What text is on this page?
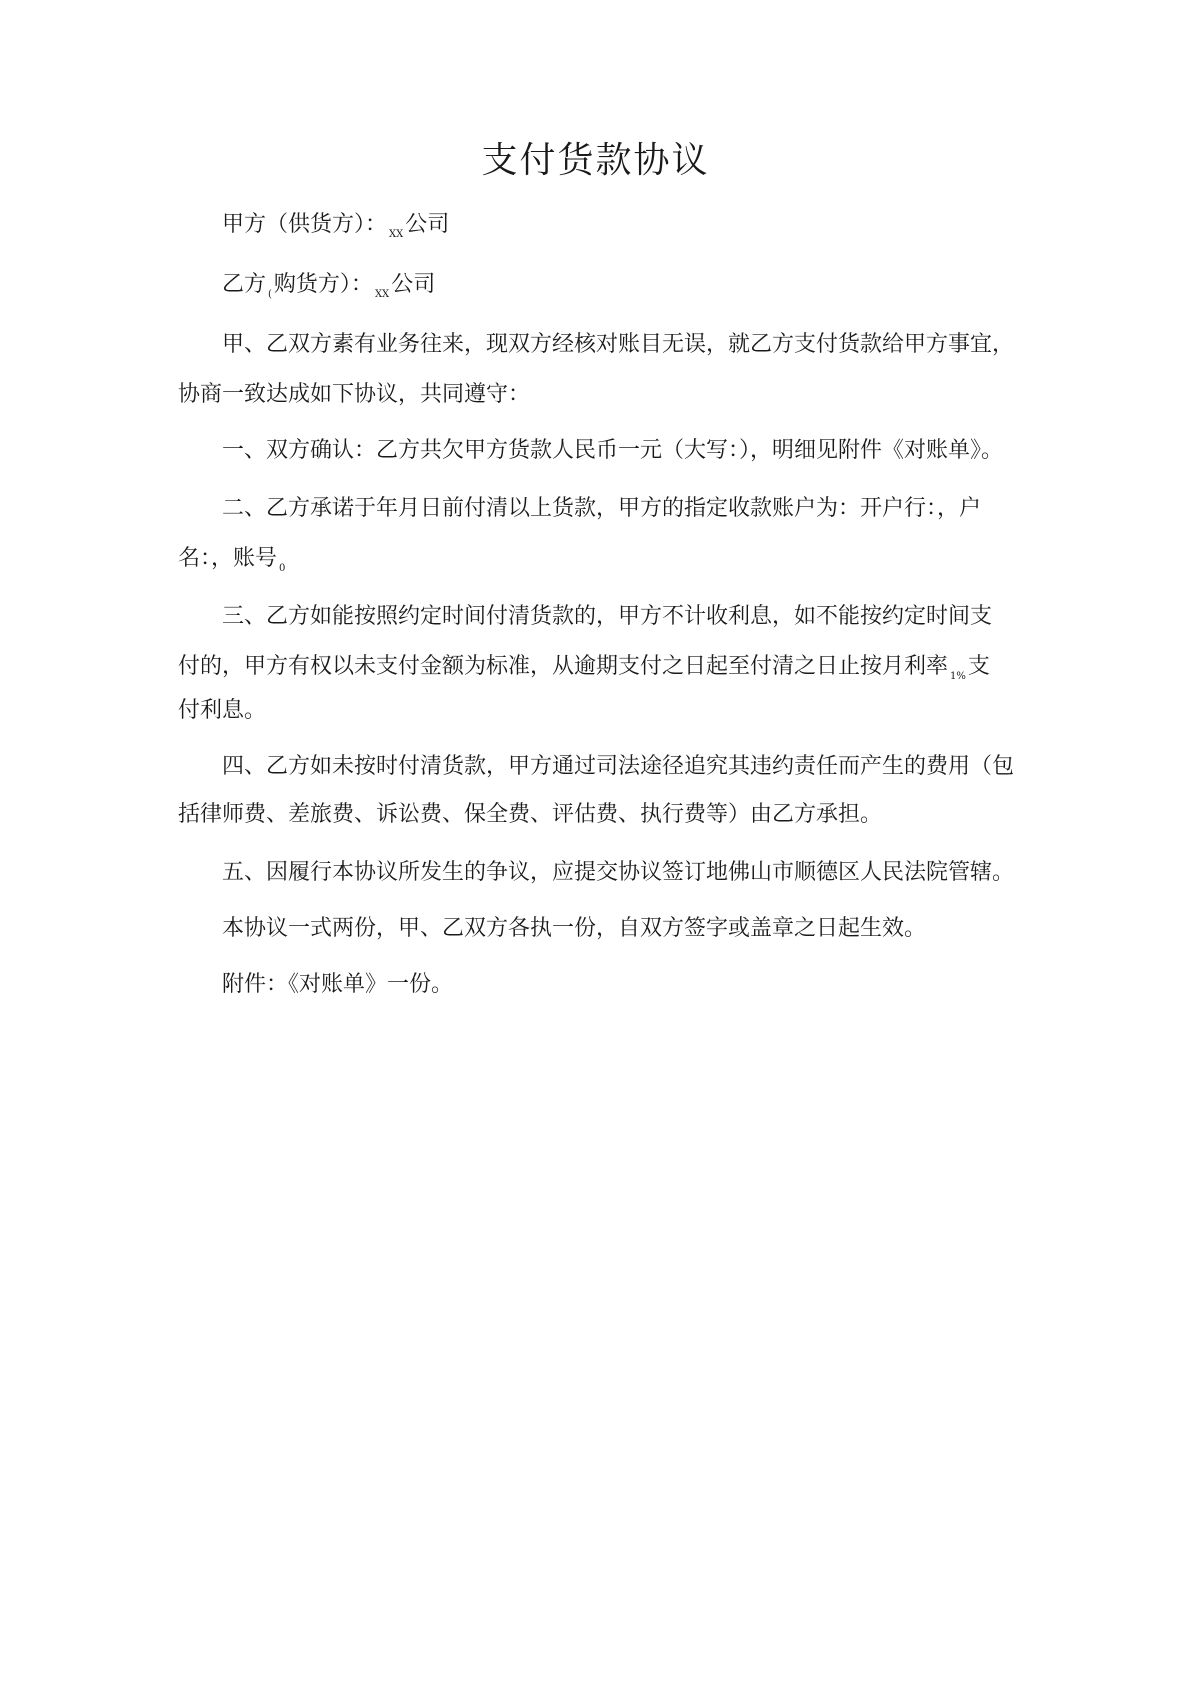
支付货款协议
甲方（供货方）： $_{XX}$公司
乙方 $_($购货方）： $_{XX}$公司
甲、乙双方素有业务往来，现双方经核对账目无误，就乙方支付货款给甲方事宜，
协商一致达成如下协议，共同遵守：
一、双方确认：乙方共欠甲方货款人民币一元（大写：），明细见附件《对账单》。
二、乙方承诺于年月日前付清以上货款，甲方的指定收款账户为：开户行：，户
名：，账号 $_0$
三、乙方如能按照约定时间付清货款的，甲方不计收利息，如不能按约定时间支
付的，甲方有权以未支付金额为标准，从逾期支付之日起至付清之日止按月利率 $_{1\%}$支
付利息。
四、乙方如未按时付清货款，甲方通过司法途径追究其违约责任而产生的费用（包
括律师费、差旅费、诉讼费、保全费、评估费、执行费等）由乙方承担。
五、因履行本协议所发生的争议，应提交协议签订地佛山市顺德区人民法院管辖。
本协议一式两份，甲、乙双方各执一份，自双方签字或盖章之日起生效。
附件：《对账单》一份。
